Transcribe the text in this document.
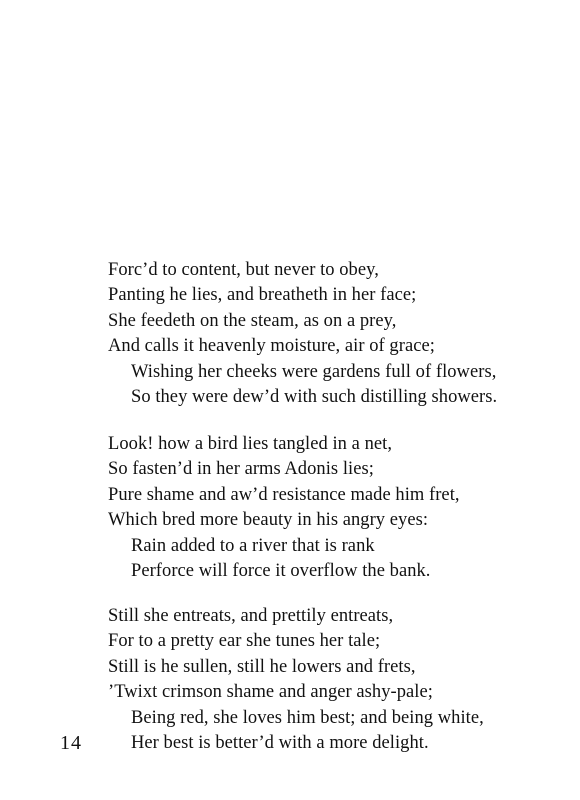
Forc’d to content, but never to obey,
Panting he lies, and breatheth in her face;
She feedeth on the steam, as on a prey,
And calls it heavenly moisture, air of grace;
Wishing her cheeks were gardens full of flowers,
So they were dew’d with such distilling showers.
Look! how a bird lies tangled in a net,
So fasten’d in her arms Adonis lies;
Pure shame and aw’d resistance made him fret,
Which bred more beauty in his angry eyes:
Rain added to a river that is rank
Perforce will force it overflow the bank.
Still she entreats, and prettily entreats,
For to a pretty ear she tunes her tale;
Still is he sullen, still he lowers and frets,
’Twixt crimson shame and anger ashy-pale;
Being red, she loves him best; and being white,
Her best is better’d with a more delight.
14
